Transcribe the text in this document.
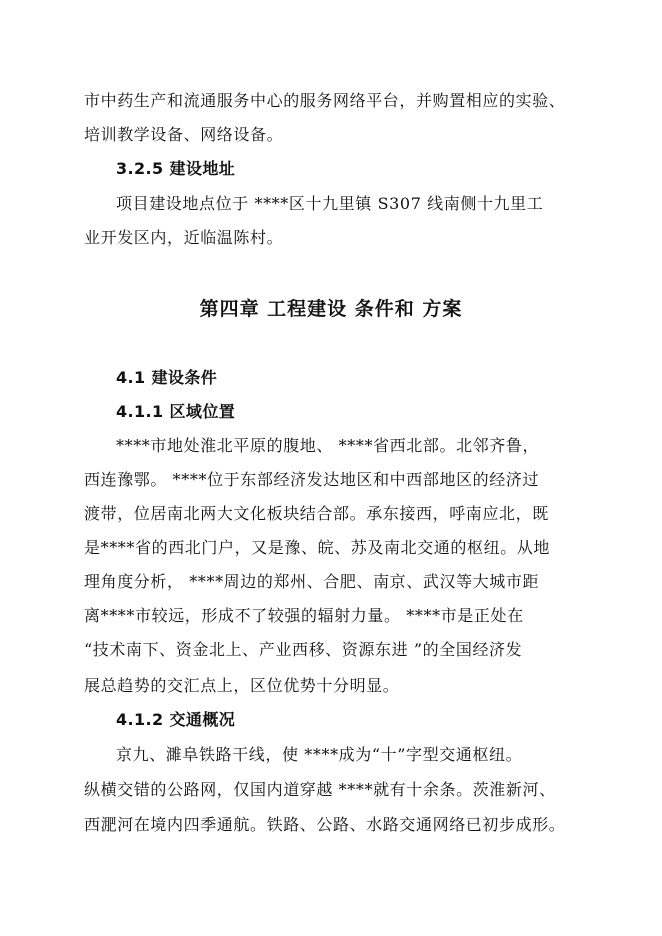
市中药生产和流通服务中心的服务网络平台，并购置相应的实验、
培训教学设备、网络设备。
3.2.5 建设地址
项目建设地点位于 ****区十九里镇 S307 线南侧十九里工
业开发区内，近临温陈村。
第四章 工程建设 条件和 方案
4.1 建设条件
4.1.1 区域位置
****市地处淮北平原的腹地、 ****省西北部。北邻齐鲁，
西连豫鄂。 ****位于东部经济发达地区和中西部地区的经济过
渡带，位居南北两大文化板块结合部。承东接西，呼南应北，既
是****省的西北门户，又是豫、皖、苏及南北交通的枢纽。从地
理角度分析， ****周边的郑州、合肥、南京、武汉等大城市距
离****市较远，形成不了较强的辐射力量。 ****市是正处在
“技术南下、资金北上、产业西移、资源东进 ”的全国经济发
展总趋势的交汇点上，区位优势十分明显。
4.1.2 交通概况
京九、濉阜铁路干线，使 ****成为“十”字型交通枢纽。
纵横交错的公路网，仅国内道穿越 ****就有十余条。茨淮新河、
西淝河在境内四季通航。铁路、公路、水路交通网络已初步成形。
